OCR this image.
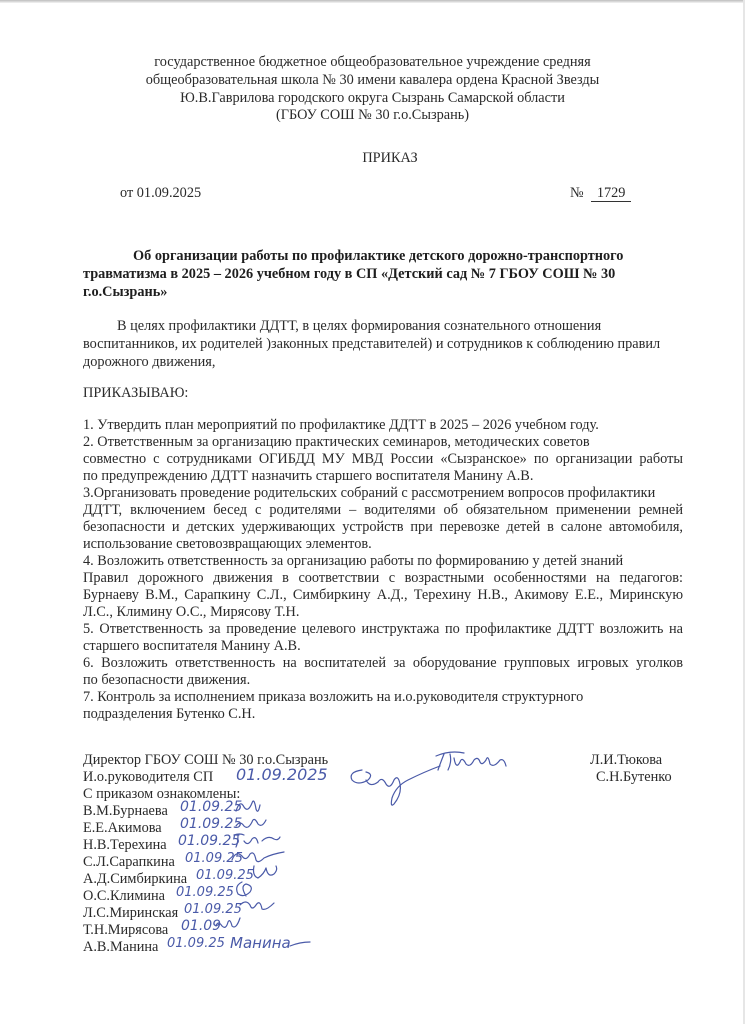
государственное бюджетное общеобразовательное учреждение средняя
общеобразовательная школа № 30 имени кавалера ордена Красной Звезды
Ю.В.Гаврилова городского округа Сызрань Самарской области
(ГБОУ СОШ № 30 г.о.Сызрань)
ПРИКАЗ
от 01.09.2025	№ 1729
Об организации работы по профилактике детского дорожно-транспортного
травматизма в 2025 – 2026 учебном году в СП «Детский сад № 7 ГБОУ СОШ № 30
г.о.Сызрань»
В целях профилактики ДДТТ, в целях формирования сознательного отношения
воспитанников, их родителей )законных представителей) и сотрудников к соблюдению правил
дорожного движения,
ПРИКАЗЫВАЮ:
1. Утвердить план мероприятий по профилактике ДДТТ в 2025 – 2026 учебном году.
2. Ответственным за организацию практических семинаров, методических советов
совместно с сотрудниками ОГИБДД МУ МВД России «Сызранское» по организации работы
по предупреждению ДДТТ назначить старшего воспитателя Манину А.В.
3.Организовать проведение родительских собраний с рассмотрением вопросов профилактики
ДДТТ, включением бесед с родителями – водителями об обязательном применении ремней
безопасности и детских удерживающих устройств при перевозке детей в салоне автомобиля,
использование световозвращающих элементов.
4. Возложить ответственность за организацию работы по формированию у детей знаний
Правил дорожного движения в соответствии с возрастными особенностями на педагогов:
Бурнаеву В.М., Сарапкину С.Л., Симбиркину А.Д., Терехину Н.В., Акимову Е.Е., Миринскую
Л.С., Климину О.С., Мирясову Т.Н.
5. Ответственность за проведение целевого инструктажа по профилактике ДДТТ возложить на
старшего воспитателя Манину А.В.
6. Возложить ответственность на воспитателей за оборудование групповых игровых уголков
по безопасности движения.
7. Контроль за исполнением приказа возложить на и.о.руководителя структурного
подразделения Бутенко С.Н.
Директор ГБОУ СОШ № 30 г.о.Сызрань	Л.И.Тюкова
И.о.руководителя СП 01.09.2025	С.Н.Бутенко
С приказом ознакомлены:
В.М.Бурнаева 01.09.25
Е.Е.Акимова 01.09.25
Н.В.Терехина 01.09.25
С.Л.Сарапкина 01.09.25
А.Д.Симбиркина 01.09.25
О.С.Климина 01.09.25
Л.С.Миринская 01.09.25
Т.Н.Мирясова 01.09
А.В.Манина 01.09.25 Манина
